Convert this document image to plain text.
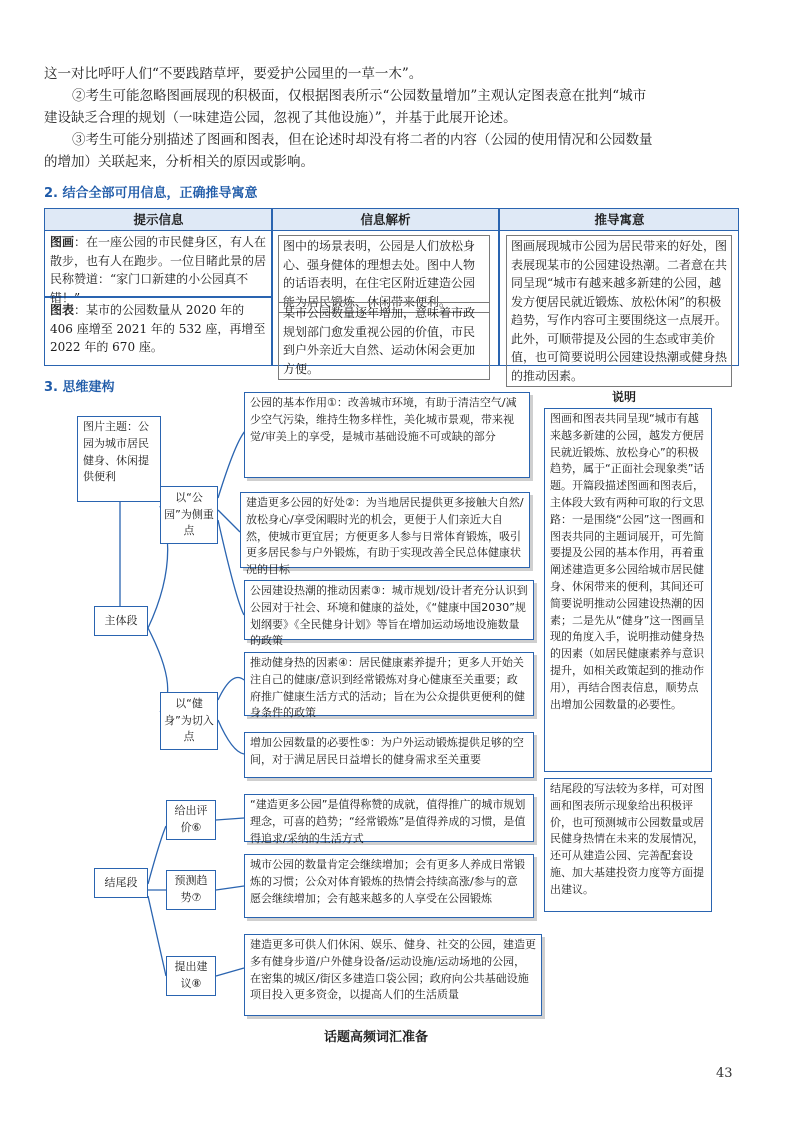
这一对比呼吁人们“不要践踏草坪，要爱护公园里的一草一木”。
②考生可能忽略图画展现的积极面，仅根据图表所示“公园数量增加”主观认定图表意在批判“城市
建设缺乏合理的规划（一味建造公园，忽视了其他设施）”，并基于此展开论述。
③考生可能分别描述了图画和图表，但在论述时却没有将二者的内容（公园的使用情况和公园数量
的增加）关联起来，分析相关的原因或影响。
2. 结合全部可用信息，正确推导寓意
提示信息	信息解析	推导寓意
图画：在一座公园的市民健身区，有人在散步，也有人在跑步。一位目睹此景的居民称赞道：“家门口新建的小公园真不错！”
图表：某市的公园数量从 2020 年的 406 座增至 2021 年的 532 座，再增至 2022 年的 670 座。
图中的场景表明，公园是人们放松身心、强身健体的理想去处。图中人物的话语表明，在住宅区附近建造公园能为居民锻炼、休闲带来便利。
某市公园数量逐年增加，意味着市政规划部门愈发重视公园的价值，市民到户外亲近大自然、运动休闲会更加方便。
图画展现城市公园为居民带来的好处，图表展现某市的公园建设热潮。二者意在共同呈现“城市有越来越多新建的公园，越发方便居民就近锻炼、放松休闲”的积极趋势，写作内容可主要围绕这一点展开。此外，可顺带提及公园的生态或审美价值，也可简要说明公园建设热潮或健身热的推动因素。
3. 思维建构
图片主题：公园为城市居民健身、休闲提供便利
主体段
结尾段
以“公园”为侧重点
以“健身”为切入点
公园的基本作用①：改善城市环境，有助于清洁空气/减少空气污染，维持生物多样性，美化城市景观，带来视觉/审美上的享受，是城市基础设施不可或缺的部分
建造更多公园的好处②：为当地居民提供更多接触大自然/放松身心/享受闲暇时光的机会，更便于人们亲近大自然，使城市更宜居；方便更多人参与日常体育锻炼，吸引更多居民参与户外锻炼，有助于实现改善全民总体健康状况的目标
公园建设热潮的推动因素③：城市规划/设计者充分认识到公园对于社会、环境和健康的益处，《“健康中国2030”规划纲要》《全民健身计划》等旨在增加运动场地设施数量的政策
推动健身热的因素④：居民健康素养提升；更多人开始关注自己的健康/意识到经常锻炼对身心健康至关重要；政府推广健康生活方式的活动；旨在为公众提供更便利的健身条件的政策
增加公园数量的必要性⑤：为户外运动锻炼提供足够的空间，对于满足居民日益增长的健身需求至关重要
给出评价⑥
预测趋势⑦
提出建议⑧
“建造更多公园”是值得称赞的成就，值得推广的城市规划理念，可喜的趋势；“经常锻炼”是值得养成的习惯，是值得追求/采纳的生活方式
城市公园的数量肯定会继续增加；会有更多人养成日常锻炼的习惯；公众对体育锻炼的热情会持续高涨/参与的意愿会继续增加；会有越来越多的人享受在公园锻炼
建造更多可供人们休闲、娱乐、健身、社交的公园，建造更多有健身步道/户外健身设备/运动设施/运动场地的公园，在密集的城区/街区多建造口袋公园；政府向公共基础设施项目投入更多资金，以提高人们的生活质量
说明
图画和图表共同呈现“城市有越来越多新建的公园，越发方便居民就近锻炼、放松身心”的积极趋势，属于“正面社会现象类”话题。开篇段描述图画和图表后，主体段大致有两种可取的行文思路：一是围绕“公园”这一图画和图表共同的主题词展开，可先简要提及公园的基本作用，再着重阐述建造更多公园给城市居民健身、休闲带来的便利，其间还可简要说明推动公园建设热潮的因素；二是先从“健身”这一图画呈现的角度入手，说明推动健身热的因素（如居民健康素养与意识提升，如相关政策起到的推动作用），再结合图表信息，顺势点出增加公园数量的必要性。
结尾段的写法较为多样，可对图画和图表所示现象给出积极评价，也可预测城市公园数量或居民健身热情在未来的发展情况，还可从建造公园、完善配套设施、加大基建投资力度等方面提出建议。
话题高频词汇准备
43
